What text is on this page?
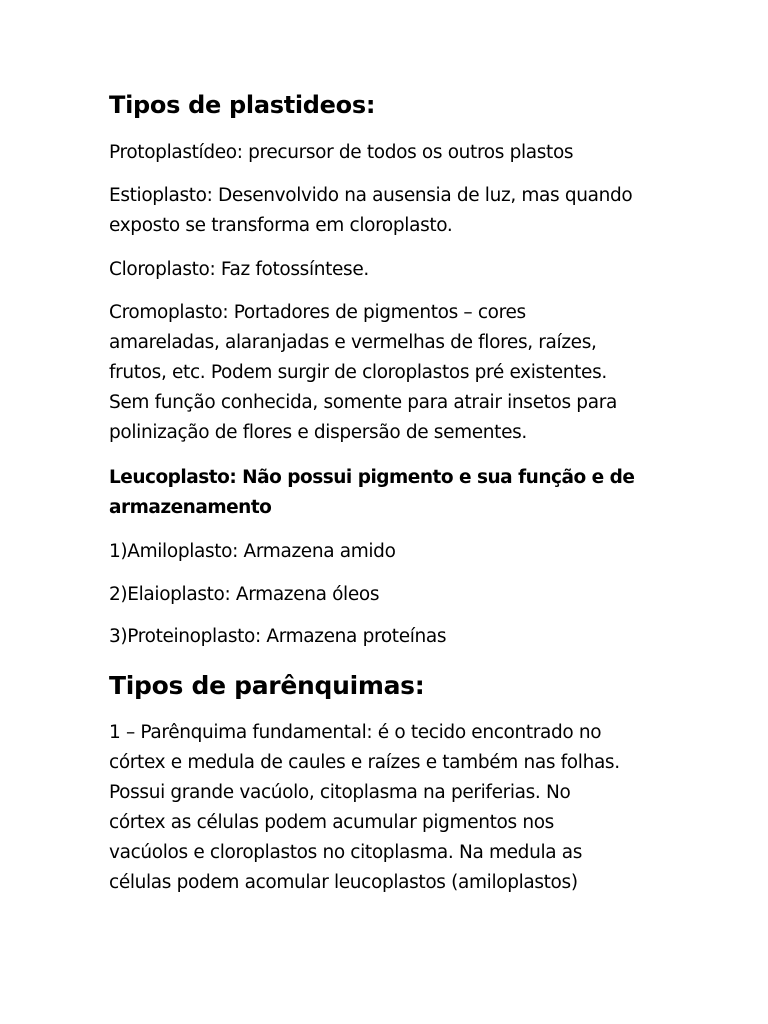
Tipos de plastideos:

Protoplastídeo: precursor de todos os outros plastos

Estioplasto: Desenvolvido na ausensia de luz, mas quando
exposto se transforma em cloroplasto.

Cloroplasto: Faz fotossíntese.

Cromoplasto: Portadores de pigmentos – cores
amareladas, alaranjadas e vermelhas de flores, raízes,
frutos, etc. Podem surgir de cloroplastos pré existentes.
Sem função conhecida, somente para atrair insetos para
polinização de flores e dispersão de sementes.

Leucoplasto: Não possui pigmento e sua função e de
armazenamento

1)Amiloplasto: Armazena amido

2)Elaioplasto: Armazena óleos

3)Proteinoplasto: Armazena proteínas

Tipos de parênquimas:

1 – Parênquima fundamental: é o tecido encontrado no
córtex e medula de caules e raízes e também nas folhas.
Possui grande vacúolo, citoplasma na periferias. No
córtex as células podem acumular pigmentos nos
vacúolos e cloroplastos no citoplasma. Na medula as
células podem acomular leucoplastos (amiloplastos)
